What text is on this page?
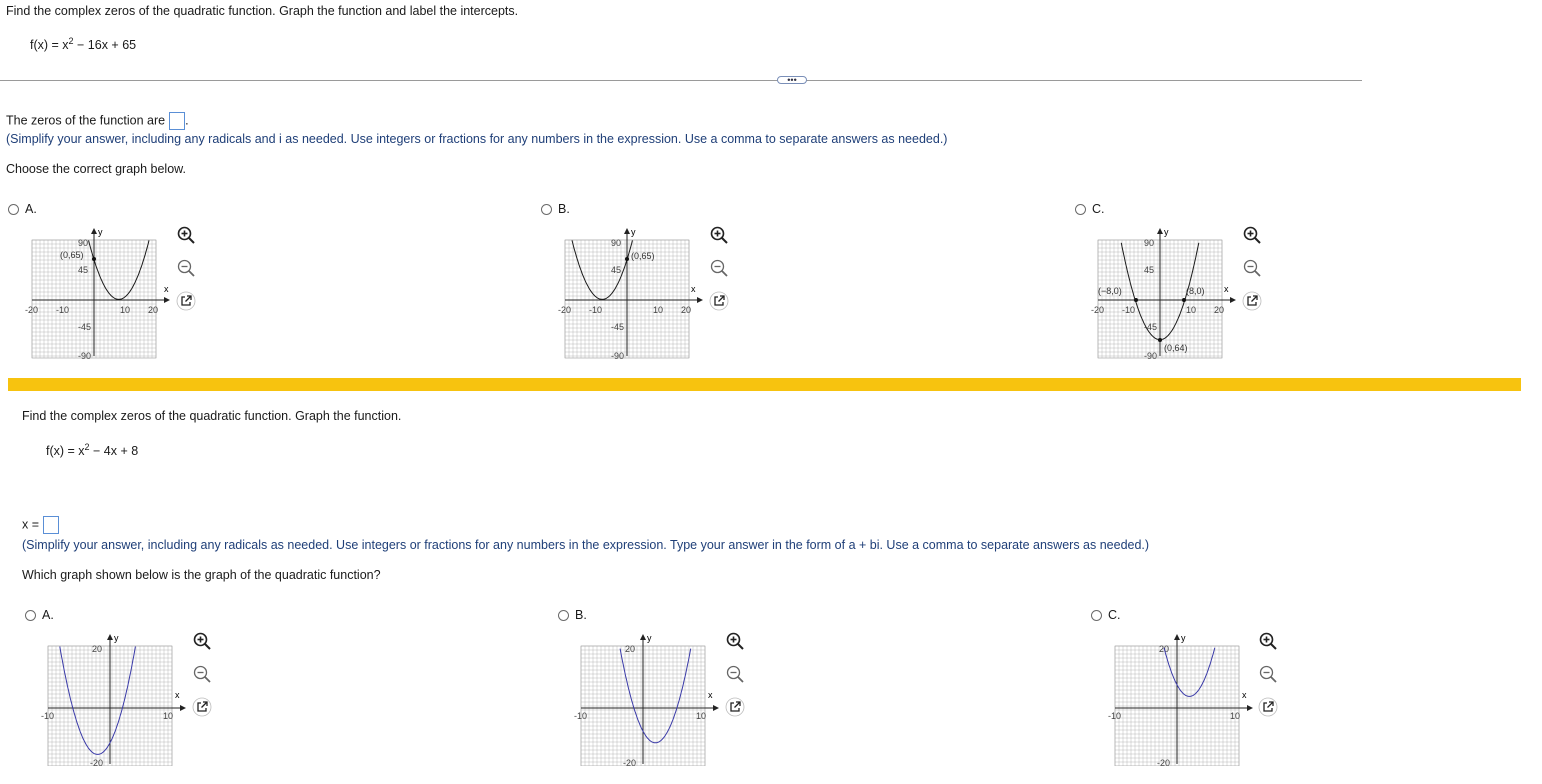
Find the complex zeros of the quadratic function. Graph the function and label the intercepts.
$f(x) = x^2 - 16x + 65$
•••
The zeros of the function are .
(Simplify your answer, including any radicals and i as needed. Use integers or fractions for any numbers in the expression. Use a comma to separate answers as needed.)
Choose the correct graph below.
A.	B.	C.
x
y
90
45
-45
-90
-20 -10	10 20
(0,65)
x
y
90
45
-45
-90
-20 -10	10 20
(0,65)
x
y
90
45
-45
-90
-20 -10	10 20
(−8,0)	(8,0)
(0,64)
Find the complex zeros of the quadratic function. Graph the function.
$f(x) = x^2 - 4x + 8$
x =
(Simplify your answer, including any radicals as needed. Use integers or fractions for any numbers in the expression. Type your answer in the form of a + bi. Use a comma to separate answers as needed.)
Which graph shown below is the graph of the quadratic function?
A.	B.	C.
x
y
20
-20
-10	10
x
y
20
-20
-10	10
x
y
20
-20
-10	10
